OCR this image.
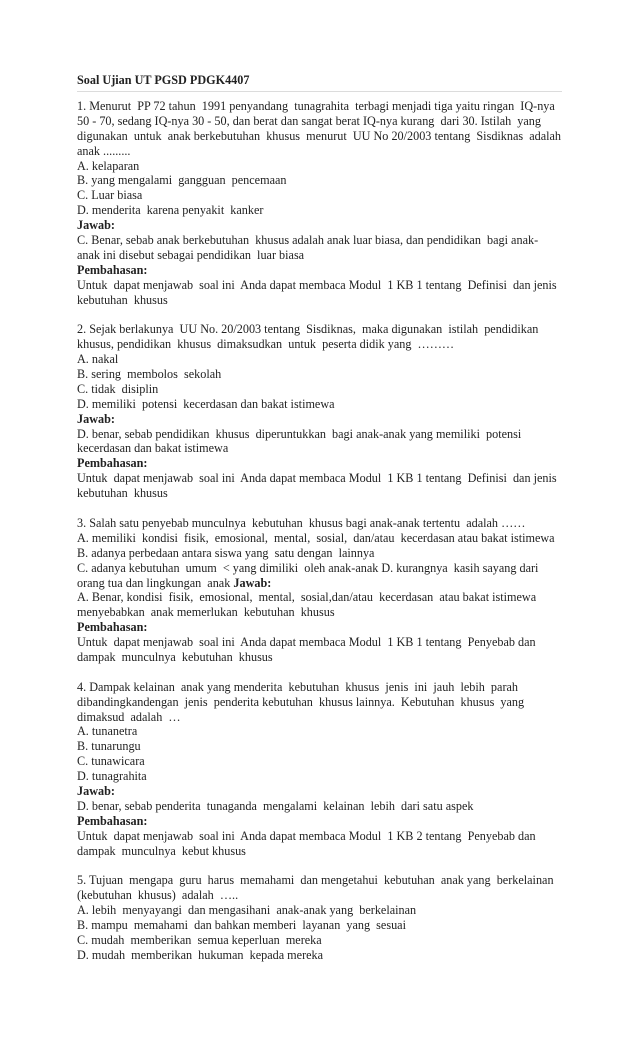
Soal Ujian UT PGSD PDGK4407
1. Menurut  PP 72 tahun  1991 penyandang  tunagrahita  terbagi menjadi tiga yaitu ringan  IQ-nya
50 - 70, sedang IQ-nya 30 - 50, dan berat dan sangat berat IQ-nya kurang  dari 30. Istilah  yang
digunakan  untuk  anak berkebutuhan  khusus  menurut  UU No 20/2003 tentang  Sisdiknas  adalah
anak .........
A. kelaparan
B. yang mengalami  gangguan  pencemaan
C. Luar biasa
D. menderita  karena penyakit  kanker
Jawab:
C. Benar, sebab anak berkebutuhan  khusus adalah anak luar biasa, dan pendidikan  bagi anak-
anak ini disebut sebagai pendidikan  luar biasa
Pembahasan:
Untuk  dapat menjawab  soal ini  Anda dapat membaca Modul  1 KB 1 tentang  Definisi  dan jenis
kebutuhan  khusus
2. Sejak berlakunya  UU No. 20/2003 tentang  Sisdiknas,  maka digunakan  istilah  pendidikan
khusus, pendidikan  khusus  dimaksudkan  untuk  peserta didik yang  ………
A. nakal
B. sering  membolos  sekolah
C. tidak  disiplin
D. memiliki  potensi  kecerdasan dan bakat istimewa
Jawab:
D. benar, sebab pendidikan  khusus  diperuntukkan  bagi anak-anak yang memiliki  potensi
kecerdasan dan bakat istimewa
Pembahasan:
Untuk  dapat menjawab  soal ini  Anda dapat membaca Modul  1 KB 1 tentang  Definisi  dan jenis
kebutuhan  khusus
3. Salah satu penyebab munculnya  kebutuhan  khusus bagi anak-anak tertentu  adalah ……
A. memiliki  kondisi  fisik,  emosional,  mental,  sosial,  dan/atau  kecerdasan atau bakat istimewa
B. adanya perbedaan antara siswa yang  satu dengan  lainnya
C. adanya kebutuhan  umum  < yang dimiliki  oleh anak-anak D. kurangnya  kasih sayang dari
orang tua dan lingkungan  anak Jawab:
A. Benar, kondisi  fisik,  emosional,  mental,  sosial,dan/atau  kecerdasan  atau bakat istimewa
menyebabkan  anak memerlukan  kebutuhan  khusus
Pembahasan:
Untuk  dapat menjawab  soal ini  Anda dapat membaca Modul  1 KB 1 tentang  Penyebab dan
dampak  munculnya  kebutuhan  khusus
4. Dampak kelainan  anak yang menderita  kebutuhan  khusus  jenis  ini  jauh  lebih  parah
dibandingkandengan  jenis  penderita kebutuhan  khusus lainnya.  Kebutuhan  khusus  yang
dimaksud  adalah  …
A. tunanetra
B. tunarungu
C. tunawicara
D. tunagrahita
Jawab:
D. benar, sebab penderita  tunaganda  mengalami  kelainan  lebih  dari satu aspek
Pembahasan:
Untuk  dapat menjawab  soal ini  Anda dapat membaca Modul  1 KB 2 tentang  Penyebab dan
dampak  munculnya  kebut khusus
5. Tujuan  mengapa  guru  harus  memahami  dan mengetahui  kebutuhan  anak yang  berkelainan
(kebutuhan  khusus)  adalah  …..
A. lebih  menyayangi  dan mengasihani  anak-anak yang  berkelainan
B. mampu  memahami  dan bahkan memberi  layanan  yang  sesuai
C. mudah  memberikan  semua keperluan  mereka
D. mudah  memberikan  hukuman  kepada mereka
